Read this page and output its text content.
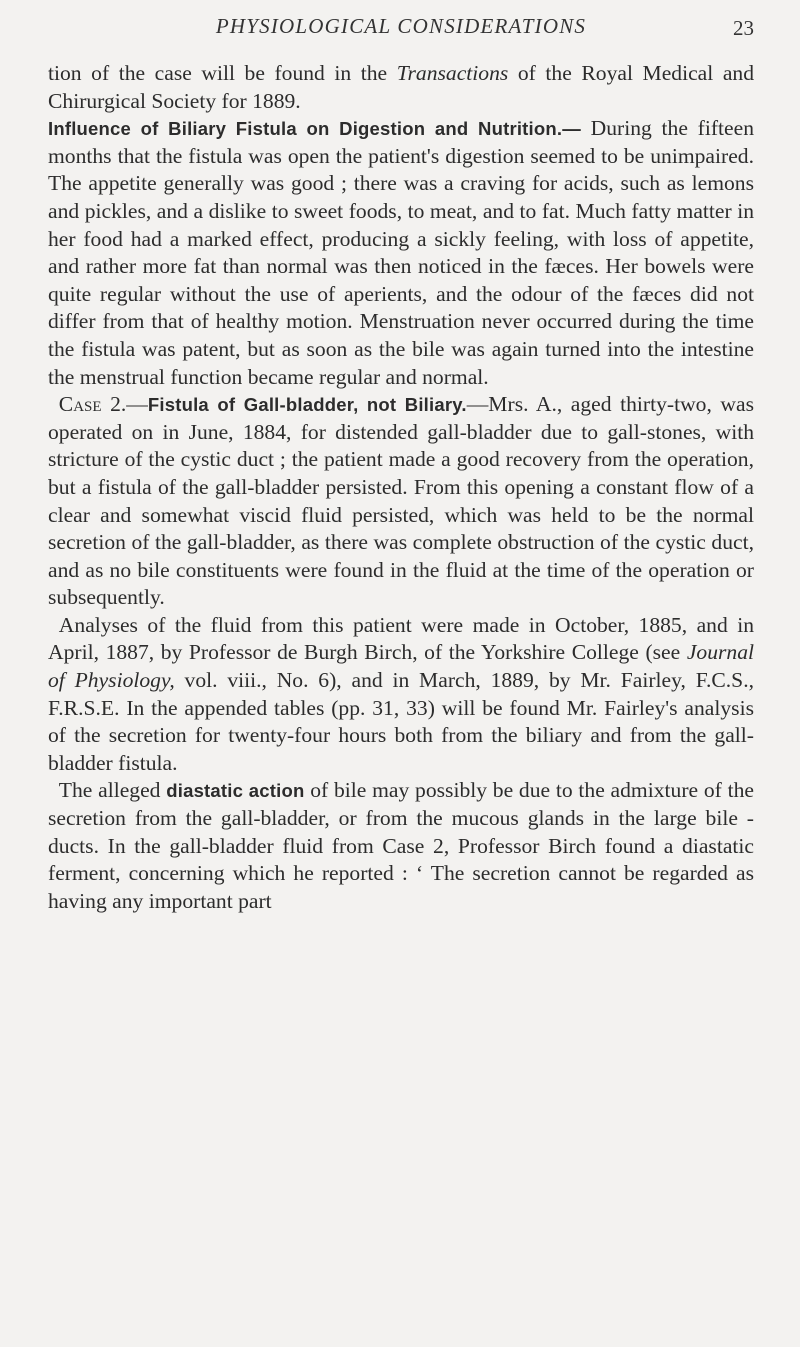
PHYSIOLOGICAL CONSIDERATIONS	23

tion of the case will be found in the Transactions of the Royal Medical and Chirurgical Society for 1889.

Influence of Biliary Fistula on Digestion and Nutrition.— During the fifteen months that the fistula was open the patient's digestion seemed to be unimpaired. The appetite generally was good ; there was a craving for acids, such as lemons and pickles, and a dislike to sweet foods, to meat, and to fat. Much fatty matter in her food had a marked effect, producing a sickly feeling, with loss of appetite, and rather more fat than normal was then noticed in the fæces. Her bowels were quite regular without the use of aperients, and the odour of the fæces did not differ from that of healthy motion. Menstruation never occurred during the time the fistula was patent, but as soon as the bile was again turned into the intestine the menstrual function became regular and normal.

 Case 2.—Fistula of Gall-bladder, not Biliary.—Mrs. A., aged thirty-two, was operated on in June, 1884, for distended gall-bladder due to gall-stones, with stricture of the cystic duct ; the patient made a good recovery from the operation, but a fistula of the gall-bladder persisted. From this opening a constant flow of a clear and somewhat viscid fluid persisted, which was held to be the normal secretion of the gall-bladder, as there was complete obstruction of the cystic duct, and as no bile constituents were found in the fluid at the time of the operation or subsequently.

 Analyses of the fluid from this patient were made in October, 1885, and in April, 1887, by Professor de Burgh Birch, of the Yorkshire College (see Journal of Physiology, vol. viii., No. 6), and in March, 1889, by Mr. Fairley, F.C.S., F.R.S.E. In the appended tables (pp. 31, 33) will be found Mr. Fairley's analysis of the secretion for twenty-four hours both from the biliary and from the gall-bladder fistula.

 The alleged diastatic action of bile may possibly be due to the admixture of the secretion from the gall-bladder, or from the mucous glands in the large bile - ducts. In the gall-bladder fluid from Case 2, Professor Birch found a diastatic ferment, concerning which he reported : ‘ The secretion cannot be regarded as having any important part
